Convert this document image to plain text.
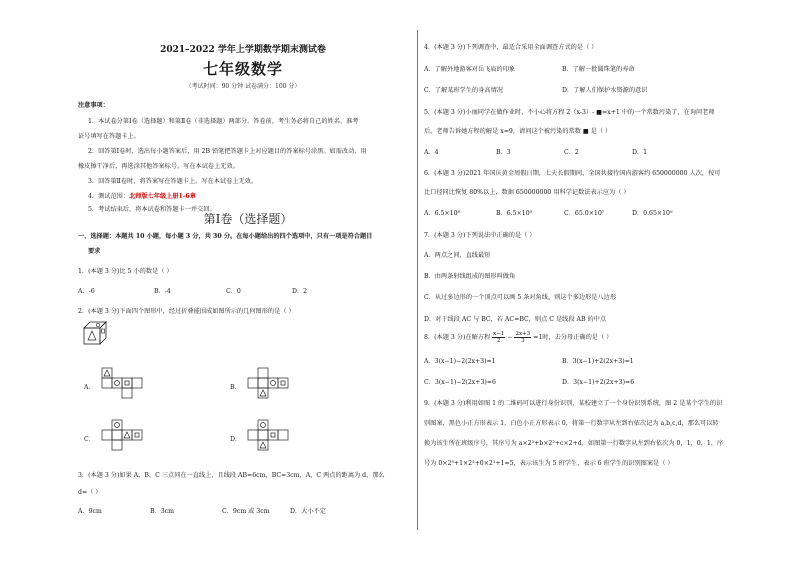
2021–2022 学年上学期数学期末测试卷
七年级数学
（考试时间：90 分钟 试卷满分：100 分）
注意事项：
1．本试卷分第Ⅰ卷（选择题）和第Ⅱ卷（非选择题）两部分。答卷前，考生务必将自己的姓名、准考
证号填写在答题卡上。
2．回答第Ⅰ卷时，选出每小题答案后，用 2B 铅笔把答题卡上对应题目的答案标号涂黑。如需改动，用
橡皮擦干净后，再选涂其他答案标号。写在本试卷上无效。
3．回答第Ⅱ卷时，将答案写在答题卡上。写在本试卷上无效。
4．测试范围：北师版七年级上册1-6章
5．考试结束后，将本试卷和答题卡一并交回。
第Ⅰ卷（选择题）
一、选择题：本题共 10 小题，每小题 3 分，共 30 分。在每小题给出的四个选项中，只有一项是符合题目
要求
1．(本题 3 分)比 5 小的数是（ ）
A．-6	B．-4	C．0	D．2
2．(本题 3 分)下面四个图形中，经过折叠能围成如图所示的几何图形的是（ ）
A．	B．
C．	D．
3．(本题 3 分)如果 A，B，C 三点同在一直线上，且线段 AB=6cm，BC=3cm，A，C 两点的距离为 d，那么
d=（ ）
A．9cm	B．3cm	C．9cm 或 3cm	D．大小不定
4．(本题 3 分)下列调查中，最适合采用全面调查方式的是（ ）
A．了解外地游客对岳飞庙的印象	B．了解一批圆珠笔的寿命
C．了解某班学生的身高情况	D．了解人们保护水资源的意识
5．(本题 3 分)小丽同学在做作业时，不小心将方程 2（x-3）- ■=x+1 中的一个常数污染了，在询问老师
后，老师告诉她方程的解是 x=9，请问这个被污染的常数 ■ 是（ ）
A．4	B．3	C．2	D．1
6．(本题 3 分)2021 年国庆黄金周假日期，七天长假期间，全国共接待国内游客约 650000000 人次，按可
比口径同比恢复 80%以上，数据 650000000 用科学记数法表示应为（ ）
A．6.5×10⁸	B．6.5×10⁹	C．65.0×10⁷	D．0.65×10⁹
7．(本题 3 分)下列说法中正确的是（ ）
A．两点之间，直线最短
B．由两条射线组成的图形叫做角
C．从过多边形的一个顶点可以画 5 条对角线，则这个多边形是八边形
D．对于线段 AC 与 BC，若 AC=BC，则点 C 是线段 AB 的中点
8．(本题 3 分)在解方程 $\frac{x-1}{2} - \frac{2x+3}{3} =1$时，去分母正确的是（ ）
A．3(x−1)−2(2x+3)=1	B．3(x−1)+2(2x+3)=1
C．3(x−1)−2(2x+3)=6	D．3(x−1)+2(2x+3)=6
9．(本题 3 分)利用如图 1 的二维码可以进行身份识别，某校建立了一个身份识别系统，图 2 是某个学生的识
别图案，黑色小正方形表示 1，白色小正方形表示 0，将第一行数字从左到右依次记为 a,b,c,d，那么可以转
换为该生所在班级序号，其序号为 a×2³+b×2²+c×2+d，如图第一行数字从左到右依次为 0，1，0，1，序
号为 0×2³+1×2²+0×2¹+1=5，表示该生为 5 班学生，表示 6 班学生的识别图案是（ ）
